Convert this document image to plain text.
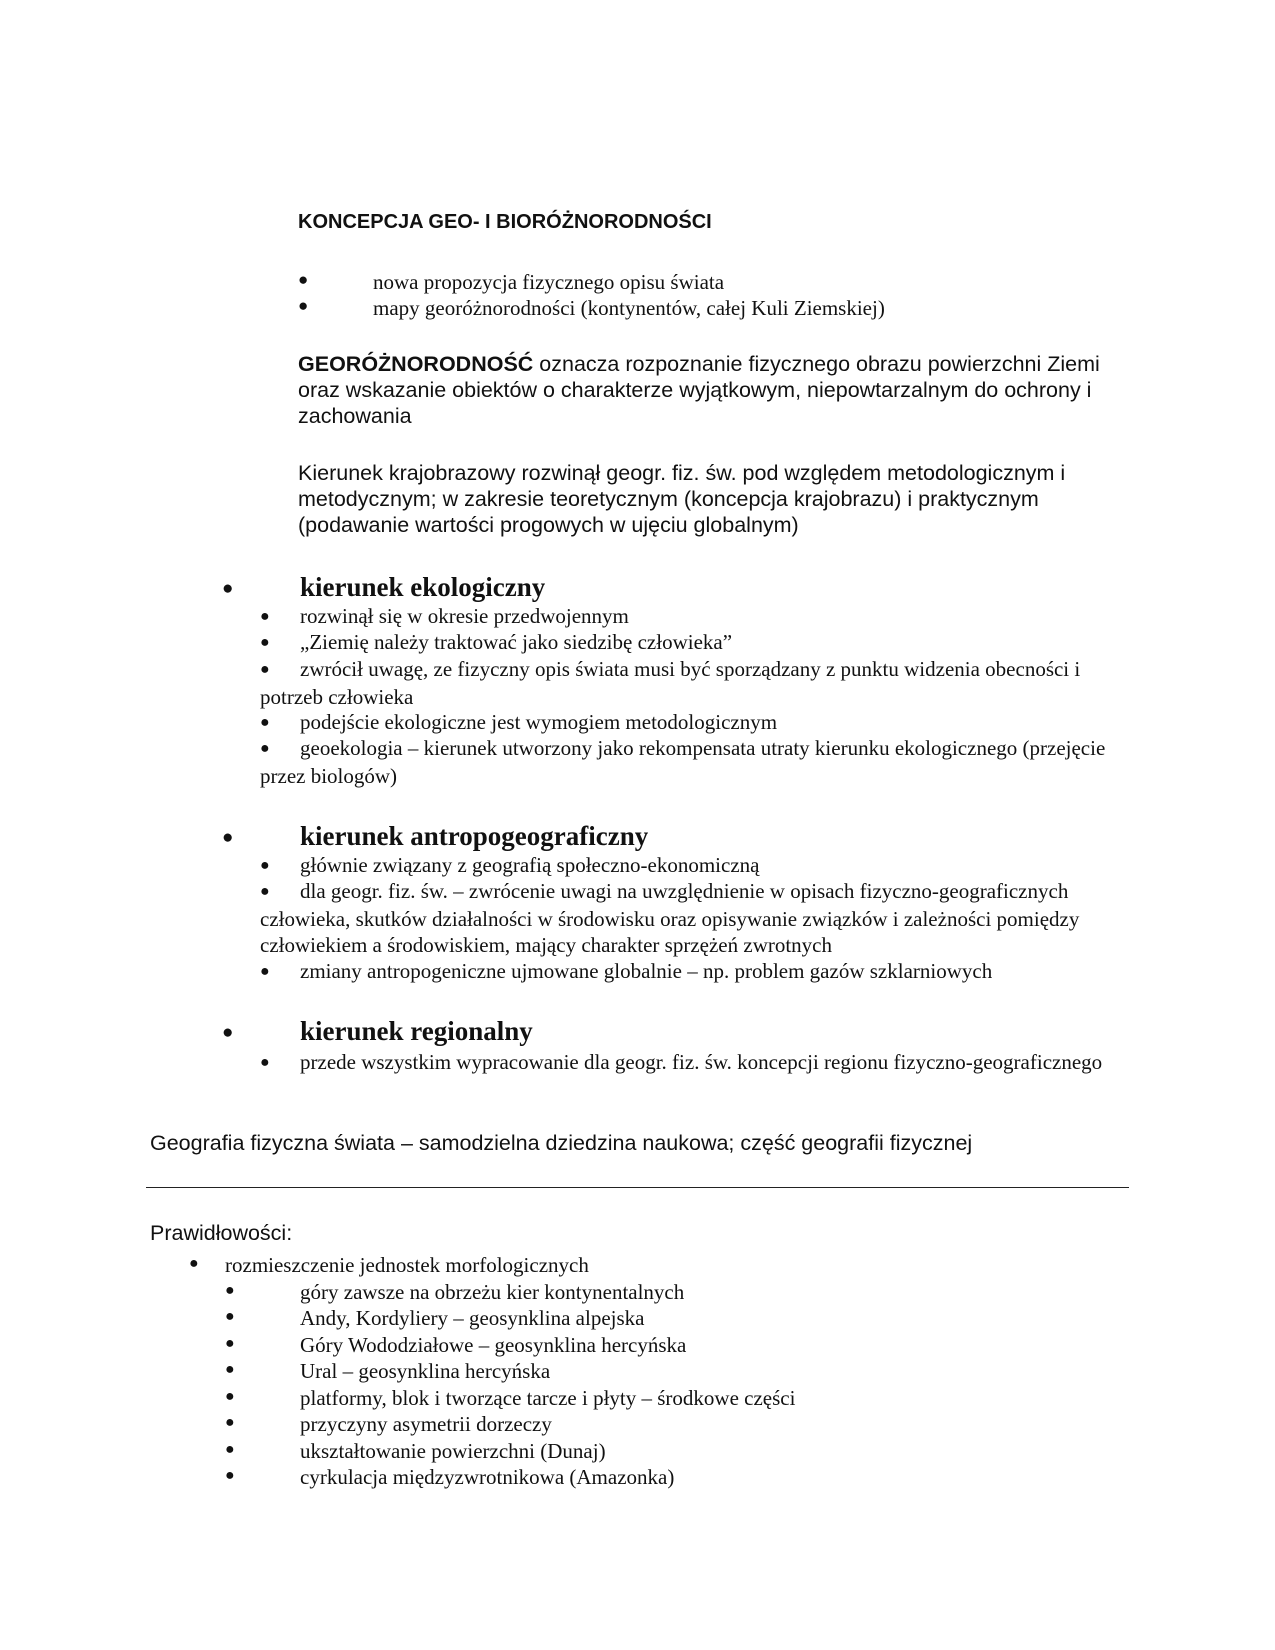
KONCEPCJA GEO- I BIORÓŻNORODNOŚCI
●	nowa propozycja fizycznego opisu świata
●	mapy georóżnorodności (kontynentów, całej Kuli Ziemskiej)
GEORÓŻNORODNOŚĆ oznacza rozpoznanie fizycznego obrazu powierzchni Ziemi oraz wskazanie obiektów o charakterze wyjątkowym, niepowtarzalnym do ochrony i zachowania
Kierunek krajobrazowy rozwinął geogr. fiz. św. pod względem metodologicznym i metodycznym; w zakresie teoretycznym (koncepcja krajobrazu) i praktycznym (podawanie wartości progowych w ujęciu globalnym)
● kierunek ekologiczny
● rozwinął się w okresie przedwojennym
● „Ziemię należy traktować jako siedzibę człowieka”
● zwrócił uwagę, ze fizyczny opis świata musi być sporządzany z punktu widzenia obecności i potrzeb człowieka
● podejście ekologiczne jest wymogiem metodologicznym
● geoekologia – kierunek utworzony jako rekompensata utraty kierunku ekologicznego (przejęcie przez biologów)
● kierunek antropogeograficzny
● głównie związany z geografią społeczno-ekonomiczną
● dla geogr. fiz. św. – zwrócenie uwagi na uwzględnienie w opisach fizyczno-geograficznych człowieka, skutków działalności w środowisku oraz opisywanie związków i zależności pomiędzy człowiekiem a środowiskiem, mający charakter sprzężeń zwrotnych
● zmiany antropogeniczne ujmowane globalnie – np. problem gazów szklarniowych
● kierunek regionalny
● przede wszystkim wypracowanie dla geogr. fiz. św. koncepcji regionu fizyczno-geograficznego
Geografia fizyczna świata – samodzielna dziedzina naukowa; część geografii fizycznej
Prawidłowości:
● rozmieszczenie jednostek morfologicznych
●	góry zawsze na obrzeżu kier kontynentalnych
●	Andy, Kordyliery – geosynklina alpejska
●	Góry Wododziałowe – geosynklina hercyńska
●	Ural – geosynklina hercyńska
●	platformy, blok i tworzące tarcze i płyty – środkowe części
●	przyczyny asymetrii dorzeczy
●	ukształtowanie powierzchni (Dunaj)
●	cyrkulacja międzyzwrotnikowa (Amazonka)
